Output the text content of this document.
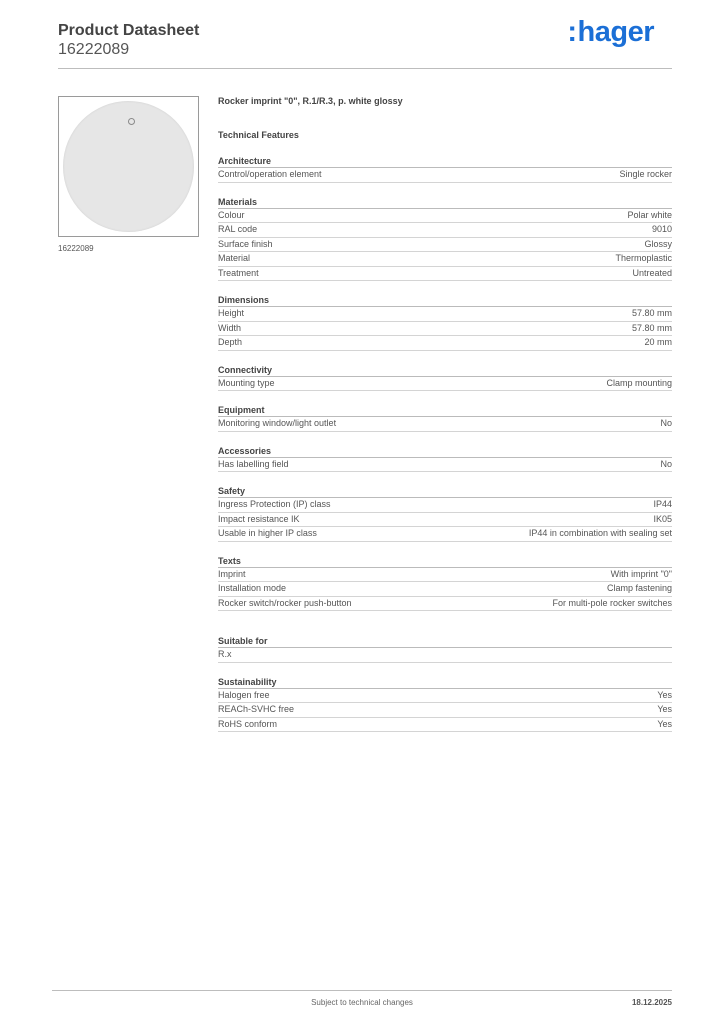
Product Datasheet
16222089
:hager
16222089
Rocker imprint "0", R.1/R.3, p. white glossy
Technical Features
Architecture
Control/operation element	Single rocker
Materials
Colour	Polar white
RAL code	9010
Surface finish	Glossy
Material	Thermoplastic
Treatment	Untreated
Dimensions
Height	57.80 mm
Width	57.80 mm
Depth	20 mm
Connectivity
Mounting type	Clamp mounting
Equipment
Monitoring window/light outlet	No
Accessories
Has labelling field	No
Safety
Ingress Protection (IP) class	IP44
Impact resistance IK	IK05
Usable in higher IP class	IP44 in combination with sealing set
Texts
Imprint	With imprint "0"
Installation mode	Clamp fastening
Rocker switch/rocker push-button	For multi-pole rocker switches
Suitable for
R.x
Sustainability
Halogen free	Yes
REACh-SVHC free	Yes
RoHS conform	Yes
Subject to technical changes	18.12.2025
